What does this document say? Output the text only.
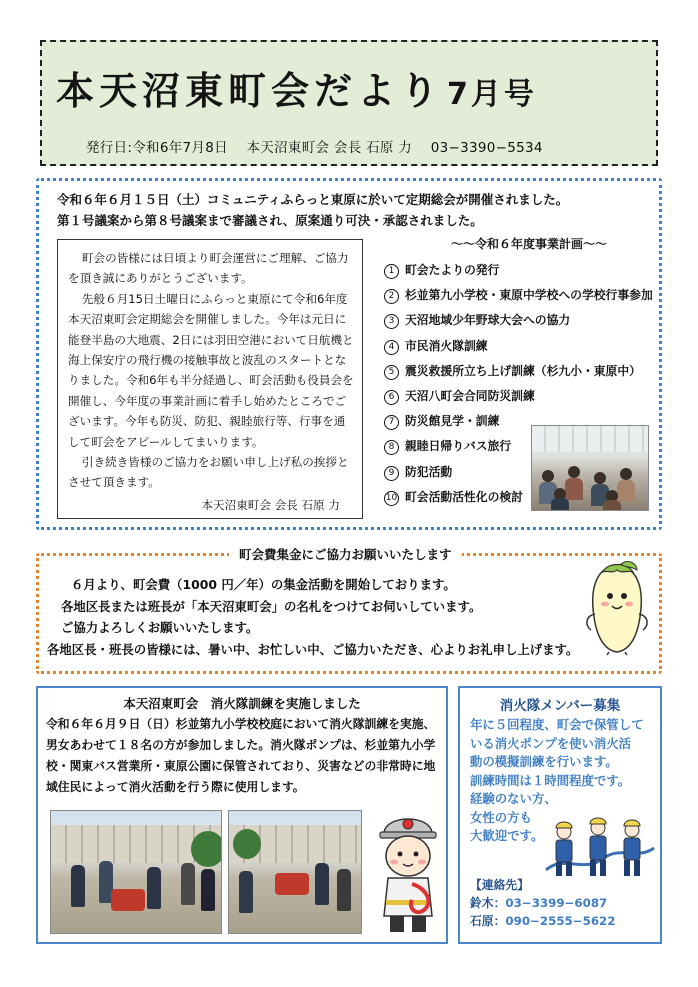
本天沼東町会だより 7月号
発行日:令和6年7月8日 本天沼東町会 会長 石原 力 03−3390−5534
令和６年６月１５日（土）コミュニティふらっと東原に於いて定期総会が開催されました。
第１号議案から第８号議案まで審議され、原案通り可決・承認されました。

町会の皆様には日頃より町会運営にご理解、ご協力を頂き誠にありがとうございます。

先般６月15日土曜日にふらっと東原にて令和6年度本天沼東町会定期総会を開催しました。今年は元日に能登半島の大地震、2日には羽田空港において日航機と海上保安庁の飛行機の接触事故と波乱のスタートとなりました。令和6年も半分経過し、町会活動も役員会を開催し、今年度の事業計画に着手し始めたところでございます。今年も防災、防犯、親睦旅行等、行事を通して町会をアピールしてまいります。

引き続き皆様のご協力をお願い申し上げ私の挨拶とさせて頂きます。

本天沼東町会 会長 石原 力

〜〜令和６年度事業計画〜〜
1 町会たよりの発行
2 杉並第九小学校・東原中学校への学校行事参加
3 天沼地域少年野球大会への協力
4 市民消火隊訓練
5 震災救援所立ち上げ訓練（杉九小・東原中）
6 天沼八町会合同防災訓練
7 防災館見学・訓練
8 親睦日帰りバス旅行
9 防犯活動
10 町会活動活性化の検討
町会費集金にご協力お願いいたします
６月より、町会費（1000 円／年）の集金活動を開始しております。
各地区長または班長が「本天沼東町会」の名札をつけてお伺いしています。
ご協力よろしくお願いいたします。
各地区長・班長の皆様には、暑い中、お忙しい中、ご協力いただき、心よりお礼申し上げます。
本天沼東町会　消火隊訓練を実施しました
令和６年６月９日（日）杉並第九小学校校庭において消火隊訓練を実施、男女あわせて１８名の方が参加しました。消火隊ポンプは、杉並第九小学校・関東バス営業所・東原公園に保管されており、災害などの非常時に地域住民によって消火活動を行う際に使用します。
消火隊メンバー募集
年に５回程度、町会で保管して
いる消火ポンプを使い消火活
動の模擬訓練を行います。
訓練時間は１時間程度です。
経験のない方、
女性の方も
大歓迎です。
【連絡先】
鈴木：03−3399−6087
石原：090−2555−5622
